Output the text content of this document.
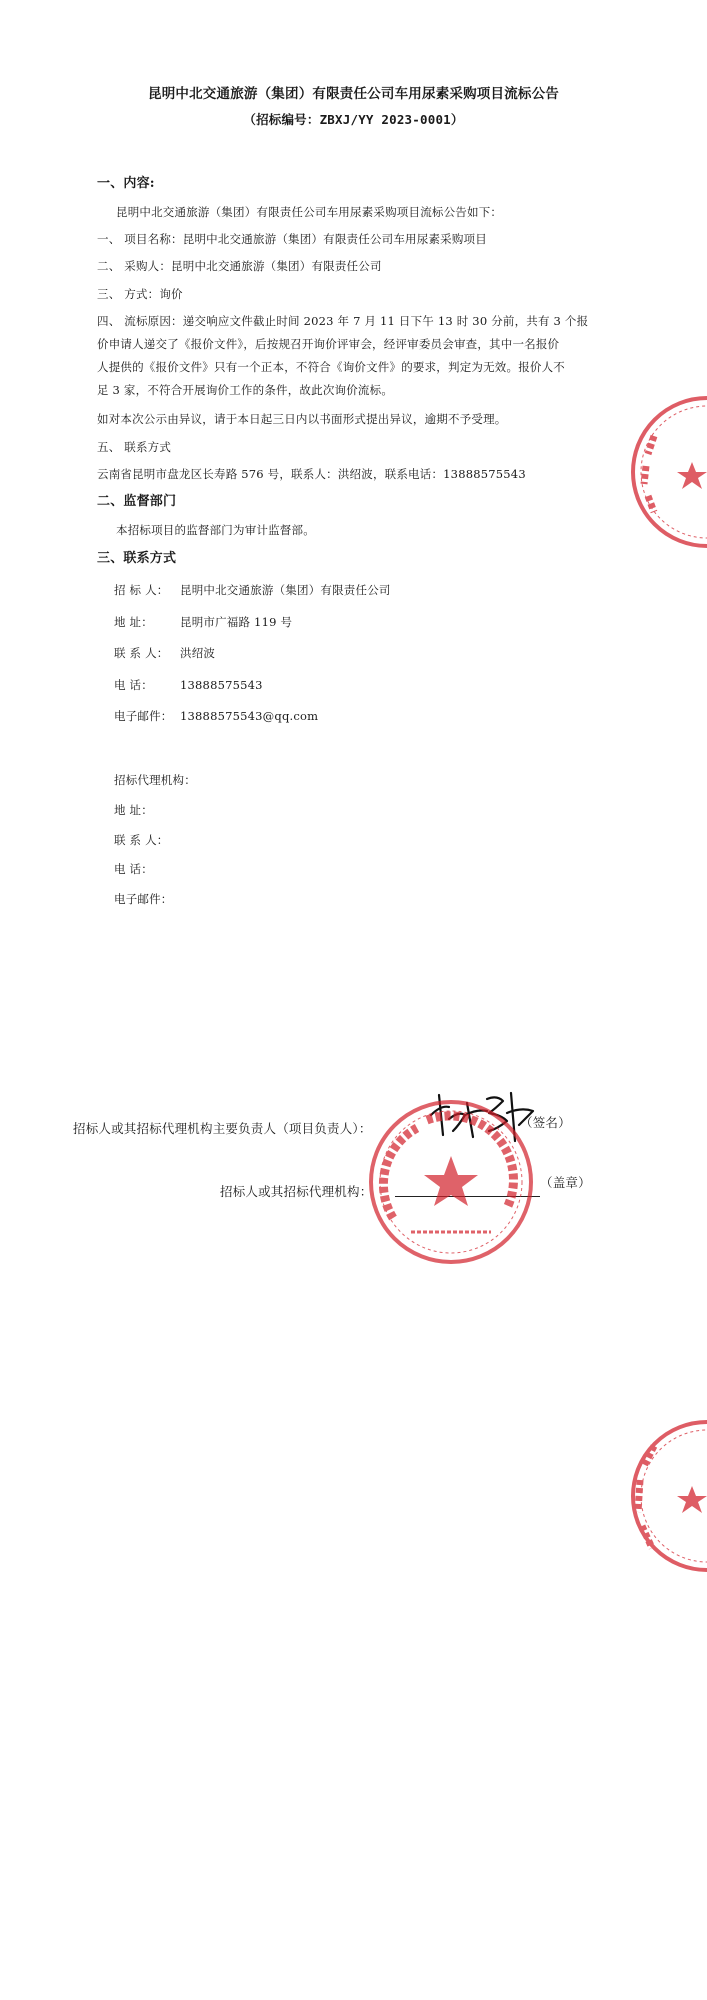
昆明中北交通旅游（集团）有限责任公司车用尿素采购项目流标公告
（招标编号：ZBXJ/YY 2023-0001）
一、内容:
昆明中北交通旅游（集团）有限责任公司车用尿素采购项目流标公告如下：
一、 项目名称：昆明中北交通旅游（集团）有限责任公司车用尿素采购项目
二、 采购人：昆明中北交通旅游（集团）有限责任公司
三、 方式：询价
四、 流标原因：递交响应文件截止时间 2023 年 7 月 11 日下午 13 时 30 分前，共有 3 个报
价申请人递交了《报价文件》，后按规召开询价评审会，经评审委员会审查，其中一名报价
人提供的《报价文件》只有一个正本，不符合《询价文件》的要求，判定为无效。报价人不
足 3 家，不符合开展询价工作的条件，故此次询价流标。
如对本次公示由异议，请于本日起三日内以书面形式提出异议，逾期不予受理。
五、 联系方式
云南省昆明市盘龙区长寿路 576 号，联系人：洪绍波，联系电话：13888575543
二、监督部门
本招标项目的监督部门为审计监督部。
三、联系方式
招 标 人： 昆明中北交通旅游（集团）有限责任公司
地 址： 昆明市广福路 119 号
联 系 人： 洪绍波
电 话： 13888575543
电子邮件： 13888575543@qq.com
招标代理机构：
地 址：
联 系 人：
电 话：
电子邮件：
招标人或其招标代理机构主要负责人（项目负责人）：	（签名）
招标人或其招标代理机构：
（盖章）
